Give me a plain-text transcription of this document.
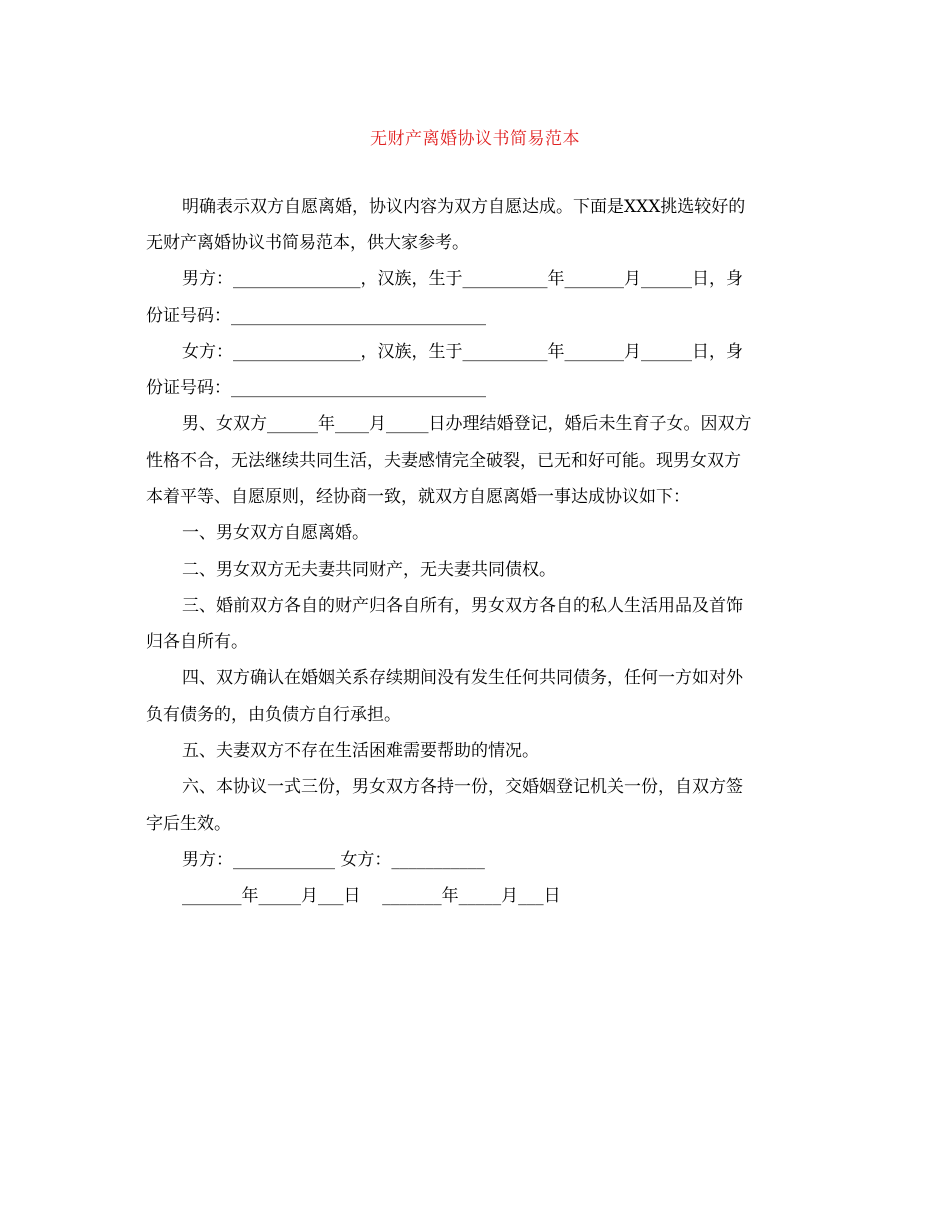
无财产离婚协议书简易范本
明确表示双方自愿离婚，协议内容为双方自愿达成。下面是XXX挑选较好的
无财产离婚协议书简易范本，供大家参考。
男方：_______________，汉族，生于__________年_______月______日，身
份证号码：______________________________
女方：_______________，汉族，生于__________年_______月______日，身
份证号码：______________________________
男、女双方______年____月_____日办理结婚登记，婚后未生育子女。因双方
性格不合，无法继续共同生活，夫妻感情完全破裂，已无和好可能。现男女双方
本着平等、自愿原则，经协商一致，就双方自愿离婚一事达成协议如下：
一、男女双方自愿离婚。
二、男女双方无夫妻共同财产，无夫妻共同债权。
三、婚前双方各自的财产归各自所有，男女双方各自的私人生活用品及首饰
归各自所有。
四、双方确认在婚姻关系存续期间没有发生任何共同债务，任何一方如对外
负有债务的，由负债方自行承担。
五、夫妻双方不存在生活困难需要帮助的情况。
六、本协议一式三份，男女双方各持一份，交婚姻登记机关一份，自双方签
字后生效。
男方：____________ 女方：___________
_______年_____月___日    _______年_____月___日
